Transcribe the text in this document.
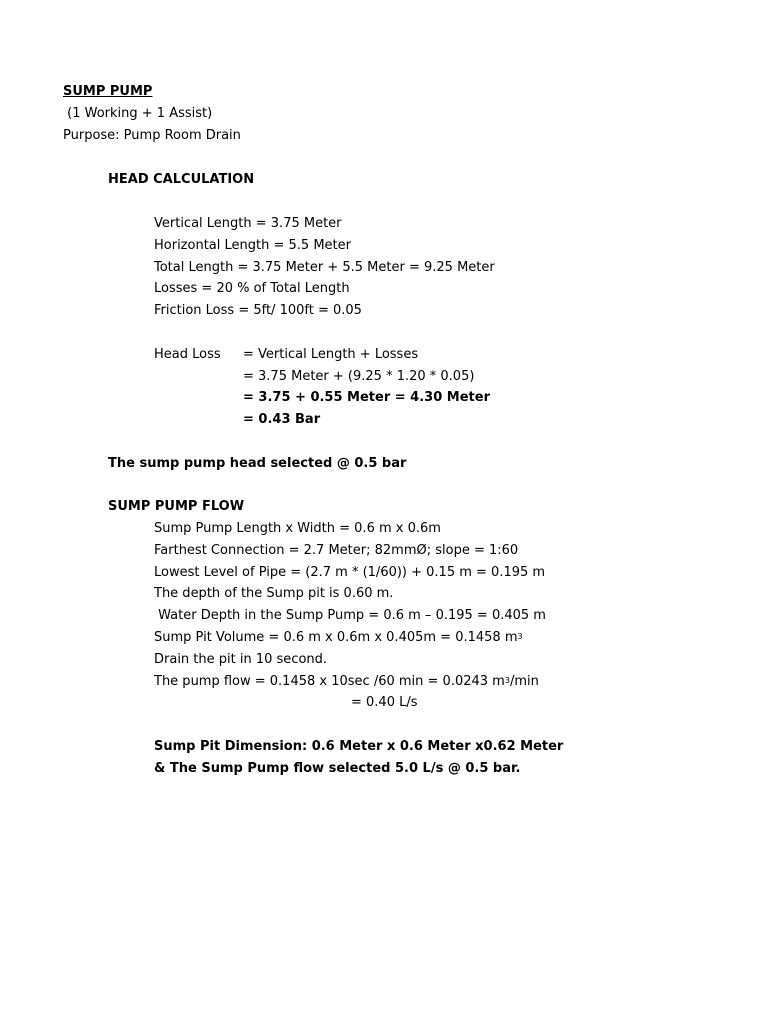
SUMP PUMP
(1 Working + 1 Assist)
Purpose: Pump Room Drain
HEAD CALCULATION
Vertical Length = 3.75 Meter
Horizontal Length = 5.5 Meter
Total Length = 3.75 Meter + 5.5 Meter = 9.25 Meter
Losses = 20 % of Total Length
Friction Loss = 5ft/ 100ft = 0.05
Head Loss = Vertical Length + Losses
= 3.75 Meter + (9.25 * 1.20 * 0.05)
= 3.75 + 0.55 Meter = 4.30 Meter
= 0.43 Bar
The sump pump head selected @ 0.5 bar
SUMP PUMP FLOW
Sump Pump Length x Width = 0.6 m x 0.6m
Farthest Connection = 2.7 Meter; 82mmØ; slope = 1:60
Lowest Level of Pipe = (2.7 m * (1/60)) + 0.15 m = 0.195 m
The depth of the Sump pit is 0.60 m.
Water Depth in the Sump Pump = 0.6 m – 0.195 = 0.405 m
Sump Pit Volume = 0.6 m x 0.6m x 0.405m = 0.1458 $m^3$
Drain the pit in 10 second.
The pump flow = 0.1458 x 10sec /60 min = 0.0243 $m^3/\min$
= 0.40 L/s
Sump Pit Dimension: 0.6 Meter x 0.6 Meter x0.62 Meter
& The Sump Pump flow selected 5.0 L/s @ 0.5 bar.
